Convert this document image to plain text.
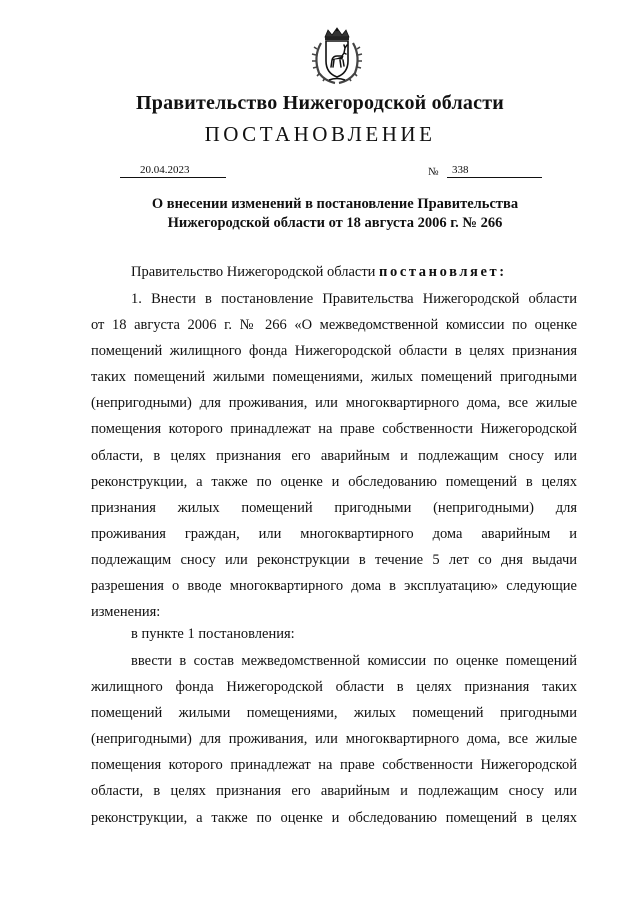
Правительство Нижегородской области
ПОСТАНОВЛЕНИЕ
20.04.2023	№	338
О внесении изменений в постановление Правительства
Нижегородской области от 18 августа 2006 г. № 266
Правительство Нижегородской области постановляет:
1. Внести в постановление Правительства Нижегородской области
от 18 августа 2006 г. № 266 «О межведомственной комиссии по оценке
помещений жилищного фонда Нижегородской области в целях признания
таких помещений жилыми помещениями, жилых помещений пригодными
(непригодными) для проживания, или многоквартирного дома, все жилые
помещения которого принадлежат на праве собственности Нижегородской
области, в целях признания его аварийным и подлежащим сносу или
реконструкции, а также по оценке и обследованию помещений в целях
признания жилых помещений пригодными (непригодными) для
проживания граждан, или многоквартирного дома аварийным и
подлежащим сносу или реконструкции в течение 5 лет со дня выдачи
разрешения о вводе многоквартирного дома в эксплуатацию» следующие
изменения:
в пункте 1 постановления:
ввести в состав межведомственной комиссии по оценке помещений
жилищного фонда Нижегородской области в целях признания таких
помещений жилыми помещениями, жилых помещений пригодными
(непригодными) для проживания, или многоквартирного дома, все жилые
помещения которого принадлежат на праве собственности Нижегородской
области, в целях признания его аварийным и подлежащим сносу или
реконструкции, а также по оценке и обследованию помещений в целях
